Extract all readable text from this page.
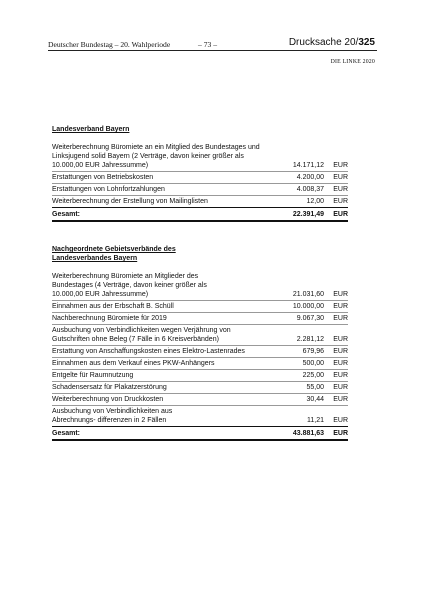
Deutscher Bundestag – 20. Wahlperiode	– 73 –	Drucksache 20/325
DIE LINKE 2020
Landesverband Bayern
Weiterberechnung Büromiete an ein Mitglied des Bundestages und Linksjugend solid Bayern (2 Verträge, davon keiner größer als 10.000,00 EUR Jahressumme)	14.171,12	EUR
Erstattungen von Betriebskosten	4.200,00	EUR
Erstattungen von Lohnfortzahlungen	4.008,37	EUR
Weiterberechnung der Erstellung von Mailinglisten	12,00	EUR
Gesamt:	22.391,49	EUR
Nachgeordnete Gebietsverbände des Landesverbandes Bayern
Weiterberechnung Büromiete an Mitglieder des Bundestages (4 Verträge, davon keiner größer als 10.000,00 EUR Jahressumme)	21.031,60	EUR
Einnahmen aus der Erbschaft B. Schüll	10.000,00	EUR
Nachberechnung Büromiete für 2019	9.067,30	EUR
Ausbuchung von Verbindlichkeiten wegen Verjährung von Gutschriften ohne Beleg (7 Fälle in 6 Kreisverbänden)	2.281,12	EUR
Erstattung von Anschaffungskosten eines Elektro-Lastenrades	679,96	EUR
Einnahmen aus dem Verkauf eines PKW-Anhängers	500,00	EUR
Entgelte für Raumnutzung	225,00	EUR
Schadensersatz für Plakatzerstörung	55,00	EUR
Weiterberechnung von Druckkosten	30,44	EUR
Ausbuchung von Verbindlichkeiten aus Abrechnungs- differenzen in 2 Fällen	11,21	EUR
Gesamt:	43.881,63	EUR
